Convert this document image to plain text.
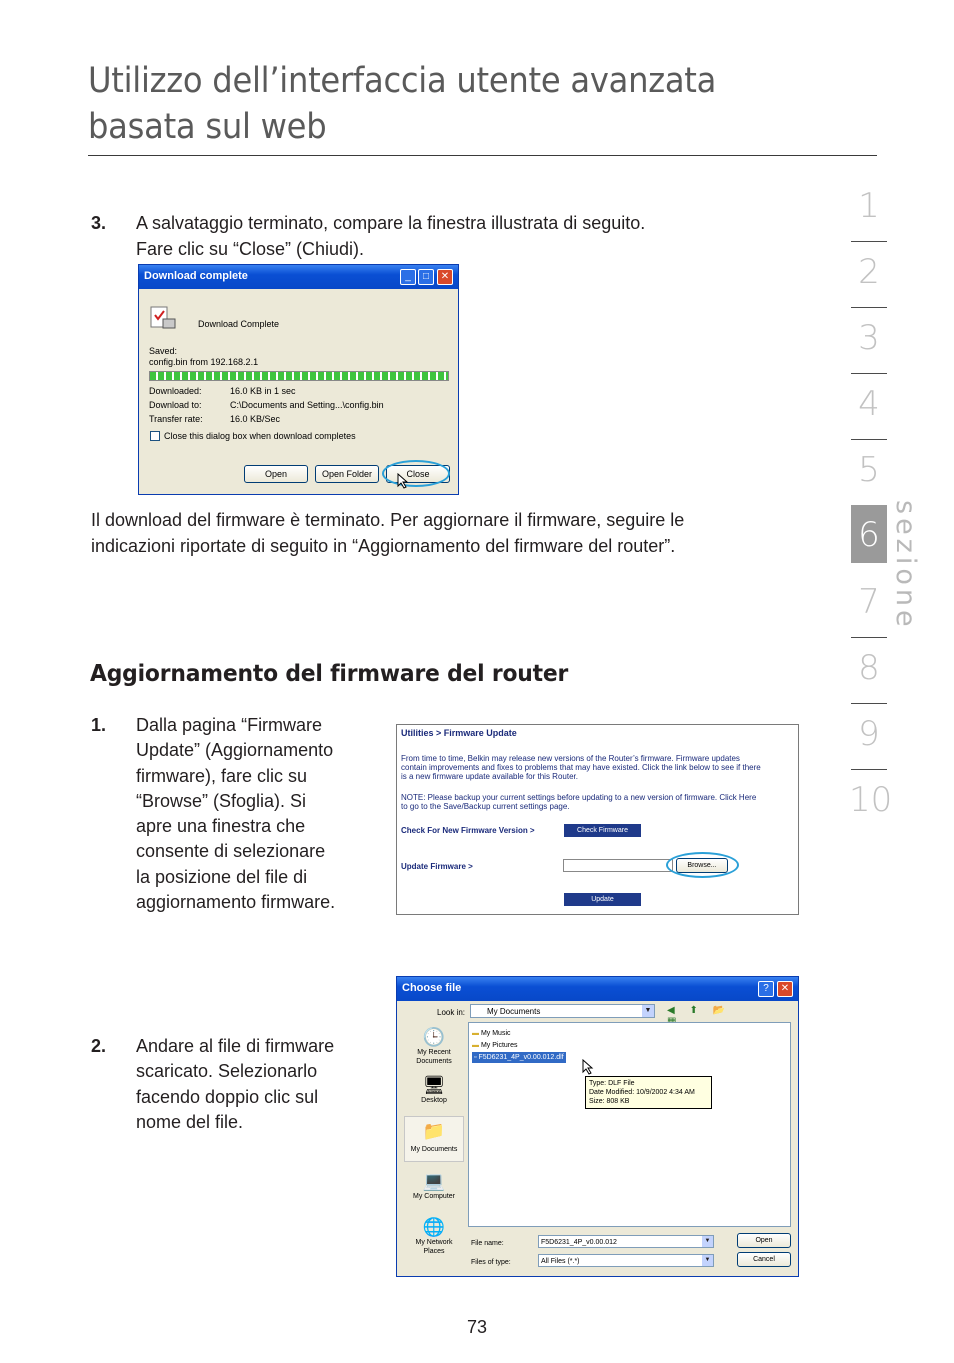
Utilizzo dell’interfaccia utente avanzata basata sul web
1
2
3
4
5
6
7
8
9
10
sezione
3. A salvataggio terminato, compare la finestra illustrata di seguito.
Fare clic su “Close” (Chiudi).
Download complete	_	□	✕
Download Complete
Saved:
config.bin from 192.168.2.1
Downloaded:	16.0 KB in 1 sec
Download to:	C:\Documents and Setting...\config.bin
Transfer rate:	16.0 KB/Sec
Close this dialog box when download completes
Open	Open Folder	Close
Il download del firmware è terminato. Per aggiornare il firmware, seguire le
indicazioni riportate di seguito in “Aggiornamento del firmware del router”.
Aggiornamento del firmware del router
1. Dalla pagina “Firmware
Update” (Aggiornamento
firmware), fare clic su
“Browse” (Sfoglia). Si
apre una finestra che
consente di selezionare
la posizione del file di
aggiornamento firmware.
Utilities > Firmware Update
From time to time, Belkin may release new versions of the Router’s firmware. Firmware updates
contain improvements and fixes to problems that may have existed. Click the link below to see if there
is a new firmware update available for this Router.
NOTE: Please backup your current settings before updating to a new version of firmware. Click Here
to go to the Save/Backup current settings page.
Check For New Firmware Version >	Check Firmware
Update Firmware >	Browse...
Update
2. Andare al file di firmware
scaricato. Selezionarlo
facendo doppio clic sul
nome del file.
Choose file	?	✕
Look in:	My Documents	▼ ◀ ⬆ 📂
🕒
My Recent Documents
🖥
Desktop
📁
My Documents
💻
My Computer
🌐
My Network Places
▬ My Music
▬ My Pictures
▫ F5D6231_4P_v0.00.012.dlf
Type: DLF File
Date Modified: 10/9/2002 4:34 AM
Size: 808 KB
File name:	F5D6231_4P_v0.00.012	▼
Files of type:	All Files (*.*)	▼
Open
Cancel
73
